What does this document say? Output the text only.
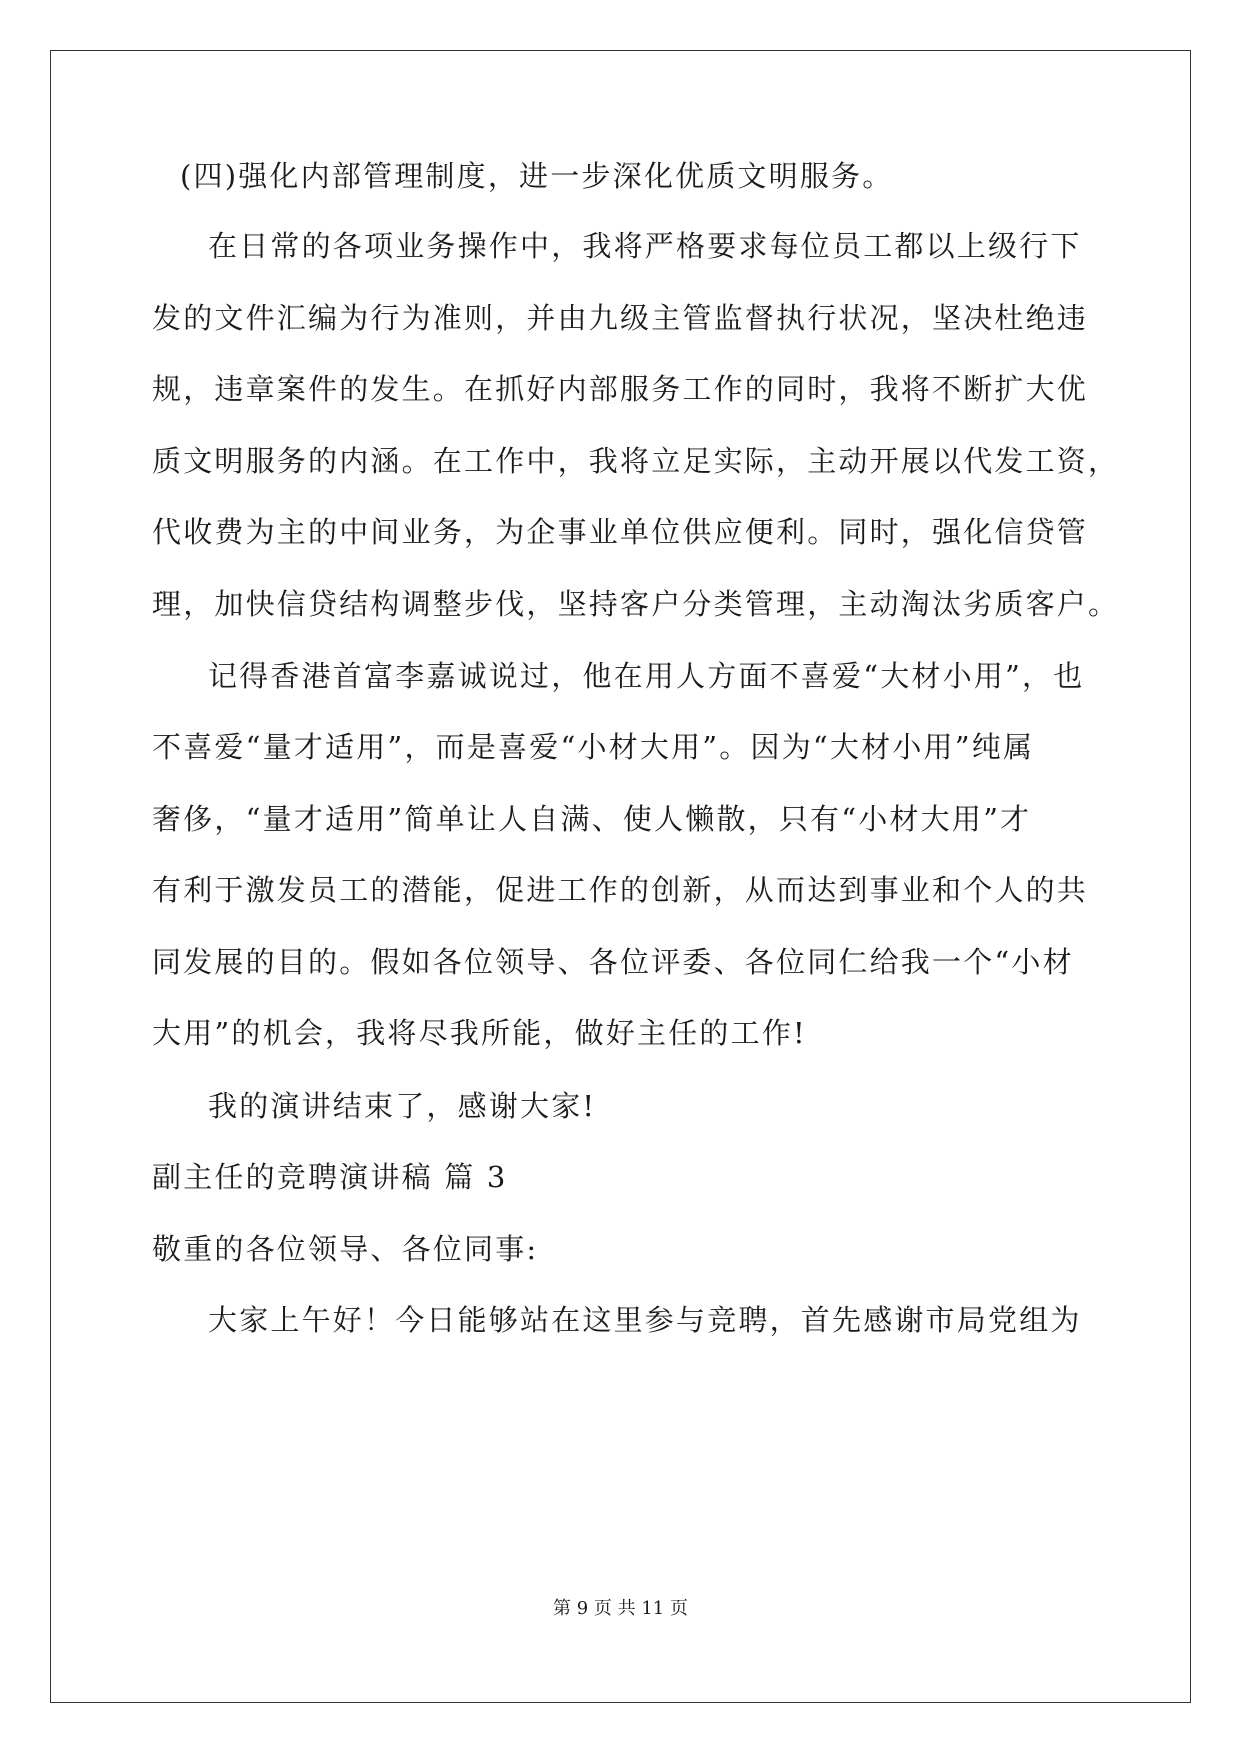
(四)强化内部管理制度，进一步深化优质文明服务。
在日常的各项业务操作中，我将严格要求每位员工都以上级行下
发的文件汇编为行为准则，并由九级主管监督执行状况，坚决杜绝违
规，违章案件的发生。在抓好内部服务工作的同时，我将不断扩大优
质文明服务的内涵。在工作中，我将立足实际，主动开展以代发工资，
代收费为主的中间业务，为企事业单位供应便利。同时，强化信贷管
理，加快信贷结构调整步伐，坚持客户分类管理，主动淘汰劣质客户。
记得香港首富李嘉诚说过，他在用人方面不喜爱“大材小用”，也
不喜爱“量才适用”，而是喜爱“小材大用”。因为“大材小用”纯属
奢侈，“量才适用”简单让人自满、使人懒散，只有“小材大用”才
有利于激发员工的潜能，促进工作的创新，从而达到事业和个人的共
同发展的目的。假如各位领导、各位评委、各位同仁给我一个“小材
大用”的机会，我将尽我所能，做好主任的工作!
我的演讲结束了，感谢大家!
副主任的竞聘演讲稿 篇 3
敬重的各位领导、各位同事:
大家上午好！今日能够站在这里参与竞聘，首先感谢市局党组为
第 9 页 共 11 页
